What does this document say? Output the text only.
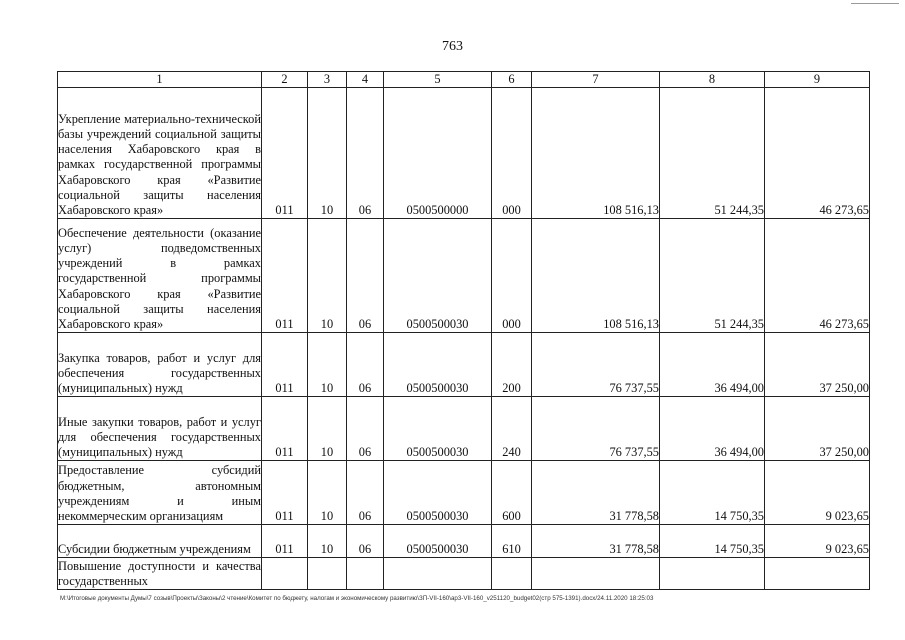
763
1	2	3	4	5	6	7	8	9

Укрепление материально-технической базы учреждений социальной защиты населения Хабаровского края в рамках государственной программы Хабаровского края «Развитие социальной защиты населения Хабаровского края»	011	10	06	0500500000	000	108 516,13	51 244,35	46 273,65

Обеспечение деятельности (оказание услуг) подведомственных учреждений в рамках государственной программы Хабаровского края «Развитие социальной защиты населения Хабаровского края»	011	10	06	0500500030	000	108 516,13	51 244,35	46 273,65

Закупка товаров, работ и услуг для обеспечения государственных (муниципальных) нужд	011	10	06	0500500030	200	76 737,55	36 494,00	37 250,00

Иные закупки товаров, работ и услуг для обеспечения государственных (муниципальных) нужд	011	10	06	0500500030	240	76 737,55	36 494,00	37 250,00

Предоставление субсидий бюджетным, автономным учреждениям и иным некоммерческим организациям	011	10	06	0500500030	600	31 778,58	14 750,35	9 023,65

Субсидии бюджетным учреждениям	011	10	06	0500500030	610	31 778,58	14 750,35	9 023,65

Повышение доступности и качества государственных								

M:\Итоговые документы Думы\7 созыв\Проекты\Законы\2 чтение\Комитет по бюджету, налогам и экономическому развитию\ЗП-VII-160\ар3-VII-160_v251120_budget02(стр 575-1391).docx/24.11.2020 18:25:03
